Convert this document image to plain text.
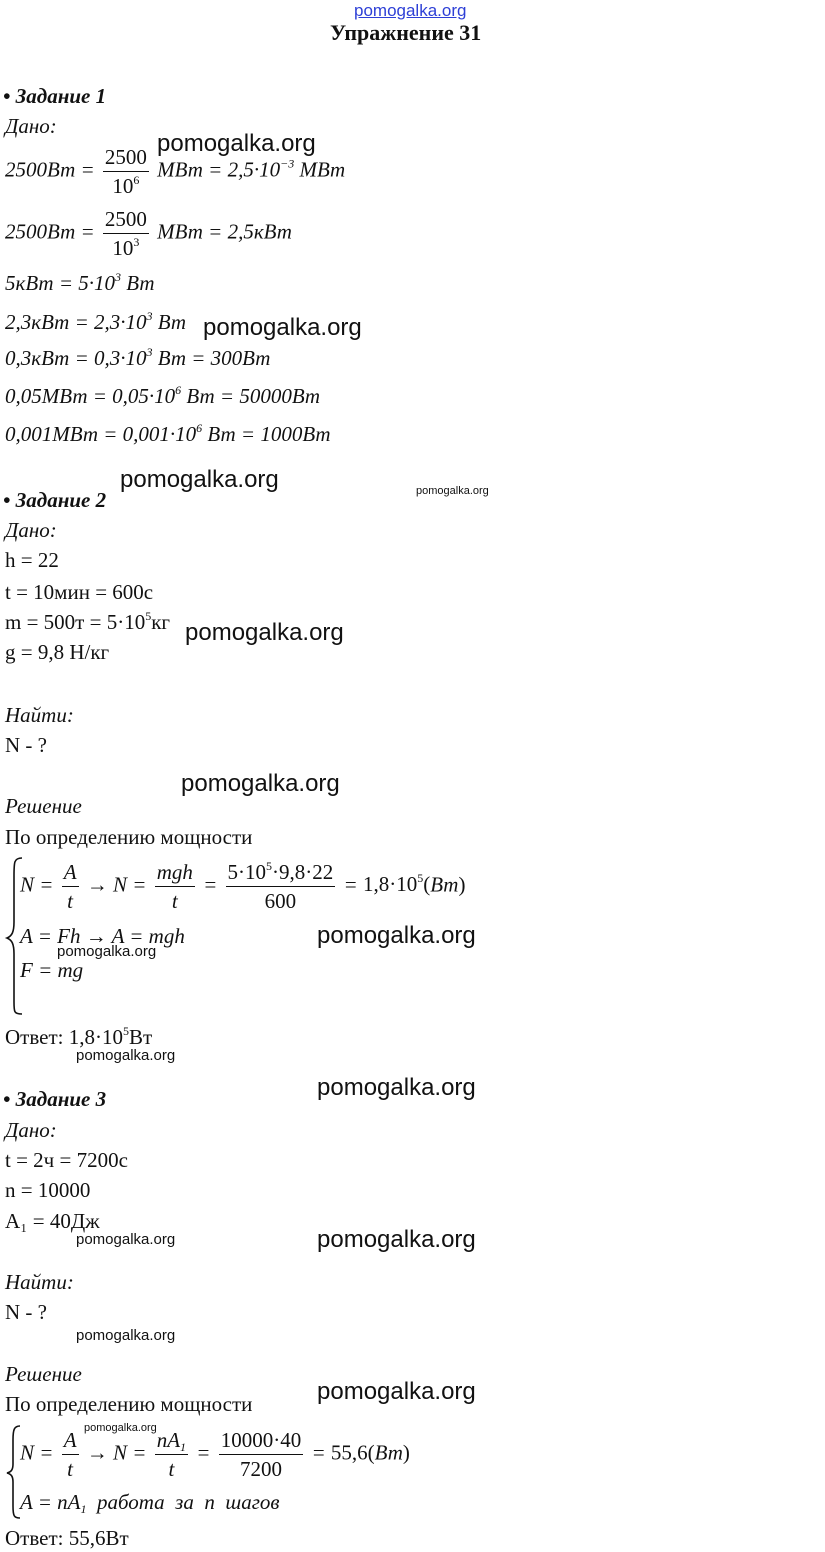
pomogalka.org
Упражнение 31
• Задание 1
Дано:
$2500Вт = \frac{2500}{10^6}$ МВт = $2,5\cdot 10^{-3}$ МВт
$2500Вт = \frac{2500}{10^3}$ МВт = 2,5кВт
$5кВт = 5\cdot 10^3$ Вт
$2,3кВт = 2,3\cdot 10^3$ Вт
$0,3кВт = 0,3\cdot 10^3$ Вт = 300Вт
$0,05МВт = 0,05\cdot 10^6$ Вт = 50000Вт
$0,001МВт = 0,001\cdot 10^6$ Вт = 1000Вт
• Задание 2
Дано:
h = 22
t = 10мин = 600с
$m = 500т = 5\cdot 10^5кг$
g = 9,8 Н/кг
Найти:
N - ?
Решение
По определению мощности
$N = \frac{A}{t} \to N = \frac{\text{mgh}}{t} = \frac{5\cdot 10^5\cdot 9,8\cdot 22}{600} = 1,8\cdot 10^5(Вт)$
A = Fh → A = mgh
F = mg
Ответ: $1,8\cdot 10^5Вт$
• Задание 3
Дано:
t = 2ч = 7200с
n = 10000
A₁ = 40Дж
Найти:
N - ?
Решение
По определению мощности
$N = \frac{A}{t} \to N = \frac{nA_1}{t} = \frac{10000\cdot 40}{7200} = 55,6(Вт)$
$A = nA_1$  работа  за  n  шагов
Ответ: 55,6Вт
pomogalka.org
pomogalka.org
pomogalka.org	pomogalka.org
pomogalka.org
pomogalka.org
pomogalka.org
pomogalka.org
pomogalka.org
pomogalka.org
pomogalka.org	pomogalka.org
pomogalka.org
pomogalka.org
pomogalka.org
